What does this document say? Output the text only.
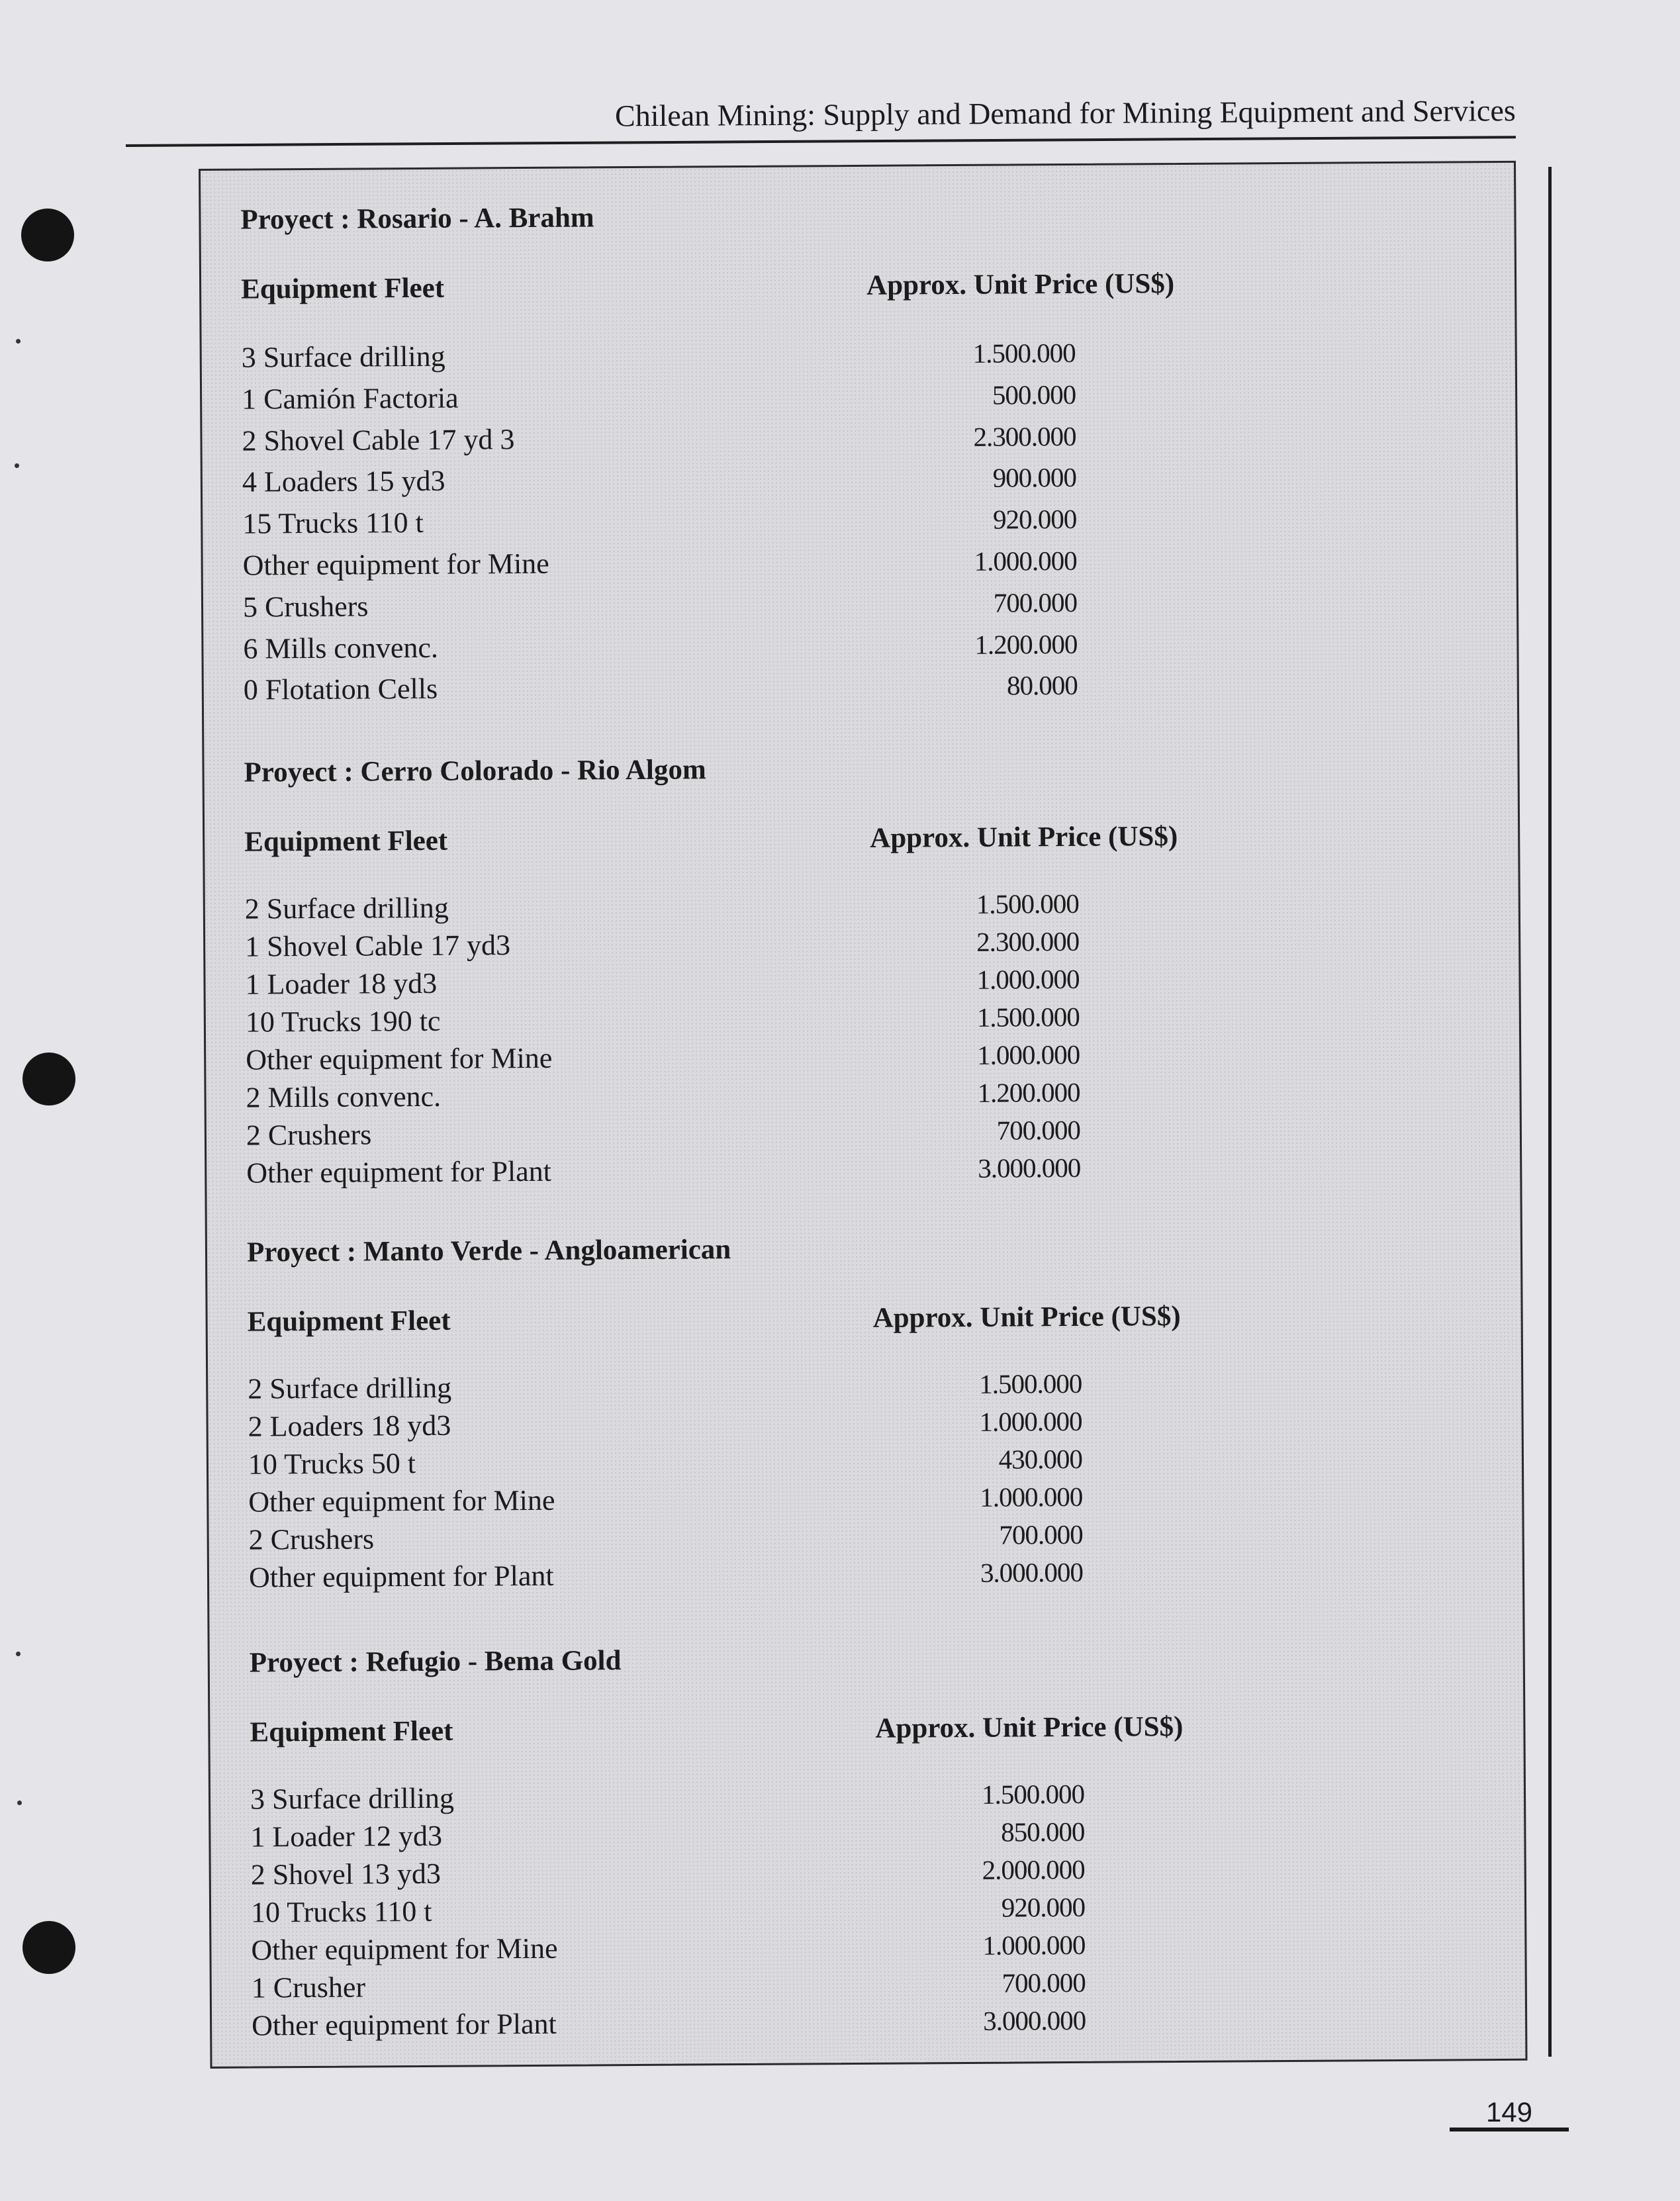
Chilean Mining: Supply and Demand for Mining Equipment and Services
Proyect : Rosario - A. Brahm
Equipment Fleet	Approx. Unit Price (US$)
3 Surface drilling	1.500.000
1 Camión Factoria	500.000
2 Shovel Cable 17 yd 3	2.300.000
4 Loaders 15 yd3	900.000
15 Trucks 110 t	920.000
Other equipment for Mine	1.000.000
5 Crushers	700.000
6 Mills convenc.	1.200.000
0 Flotation Cells	80.000
Proyect : Cerro Colorado - Rio Algom
Equipment Fleet	Approx. Unit Price (US$)
2 Surface drilling	1.500.000
1 Shovel Cable 17 yd3	2.300.000
1 Loader 18 yd3	1.000.000
10 Trucks 190 tc	1.500.000
Other equipment for Mine	1.000.000
2 Mills convenc.	1.200.000
2 Crushers	700.000
Other equipment for Plant	3.000.000
Proyect : Manto Verde - Angloamerican
Equipment Fleet	Approx. Unit Price (US$)
2 Surface drilling	1.500.000
2 Loaders 18 yd3	1.000.000
10 Trucks 50 t	430.000
Other equipment for Mine	1.000.000
2 Crushers	700.000
Other equipment for Plant	3.000.000
Proyect : Refugio - Bema Gold
Equipment Fleet	Approx. Unit Price (US$)
3 Surface drilling	1.500.000
1 Loader 12 yd3	850.000
2 Shovel 13 yd3	2.000.000
10 Trucks 110 t	920.000
Other equipment for Mine	1.000.000
1 Crusher	700.000
Other equipment for Plant	3.000.000
149
